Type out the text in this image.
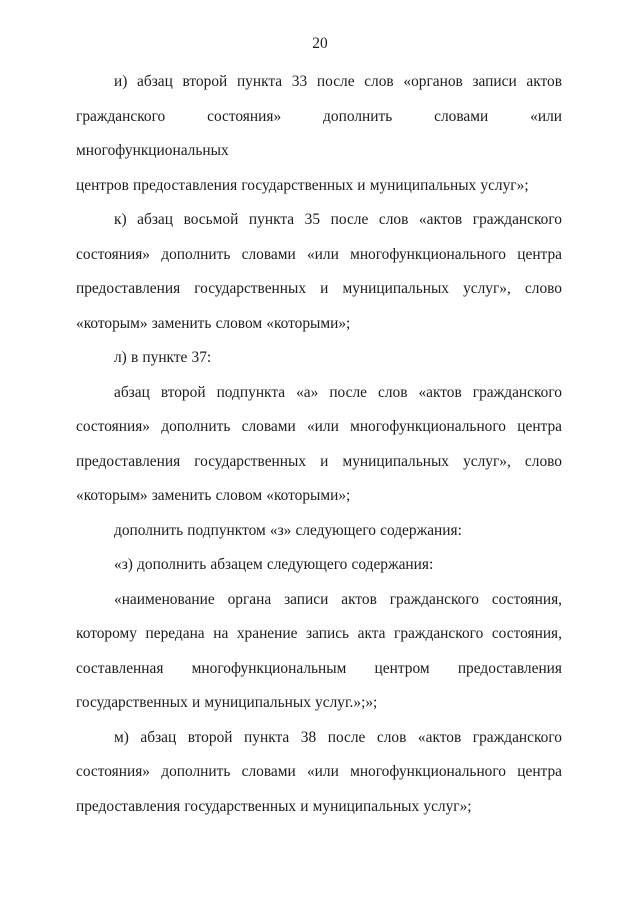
20
и) абзац второй пункта 33 после слов «органов записи актов
гражданского состояния» дополнить словами «или многофункциональных
центров предоставления государственных и муниципальных услуг»;
к) абзац восьмой пункта 35 после слов «актов гражданского
состояния» дополнить словами «или многофункционального центра
предоставления государственных и муниципальных услуг», слово
«которым» заменить словом «которыми»;
л) в пункте 37:
абзац второй подпункта «а» после слов «актов гражданского
состояния» дополнить словами «или многофункционального центра
предоставления государственных и муниципальных услуг», слово
«которым» заменить словом «которыми»;
дополнить подпунктом «з» следующего содержания:
«з) дополнить абзацем следующего содержания:
«наименование органа записи актов гражданского состояния,
которому передана на хранение запись акта гражданского состояния,
составленная многофункциональным центром предоставления
государственных и муниципальных услуг.»;»;
м) абзац второй пункта 38 после слов «актов гражданского
состояния» дополнить словами «или многофункционального центра
предоставления государственных и муниципальных услуг»;
